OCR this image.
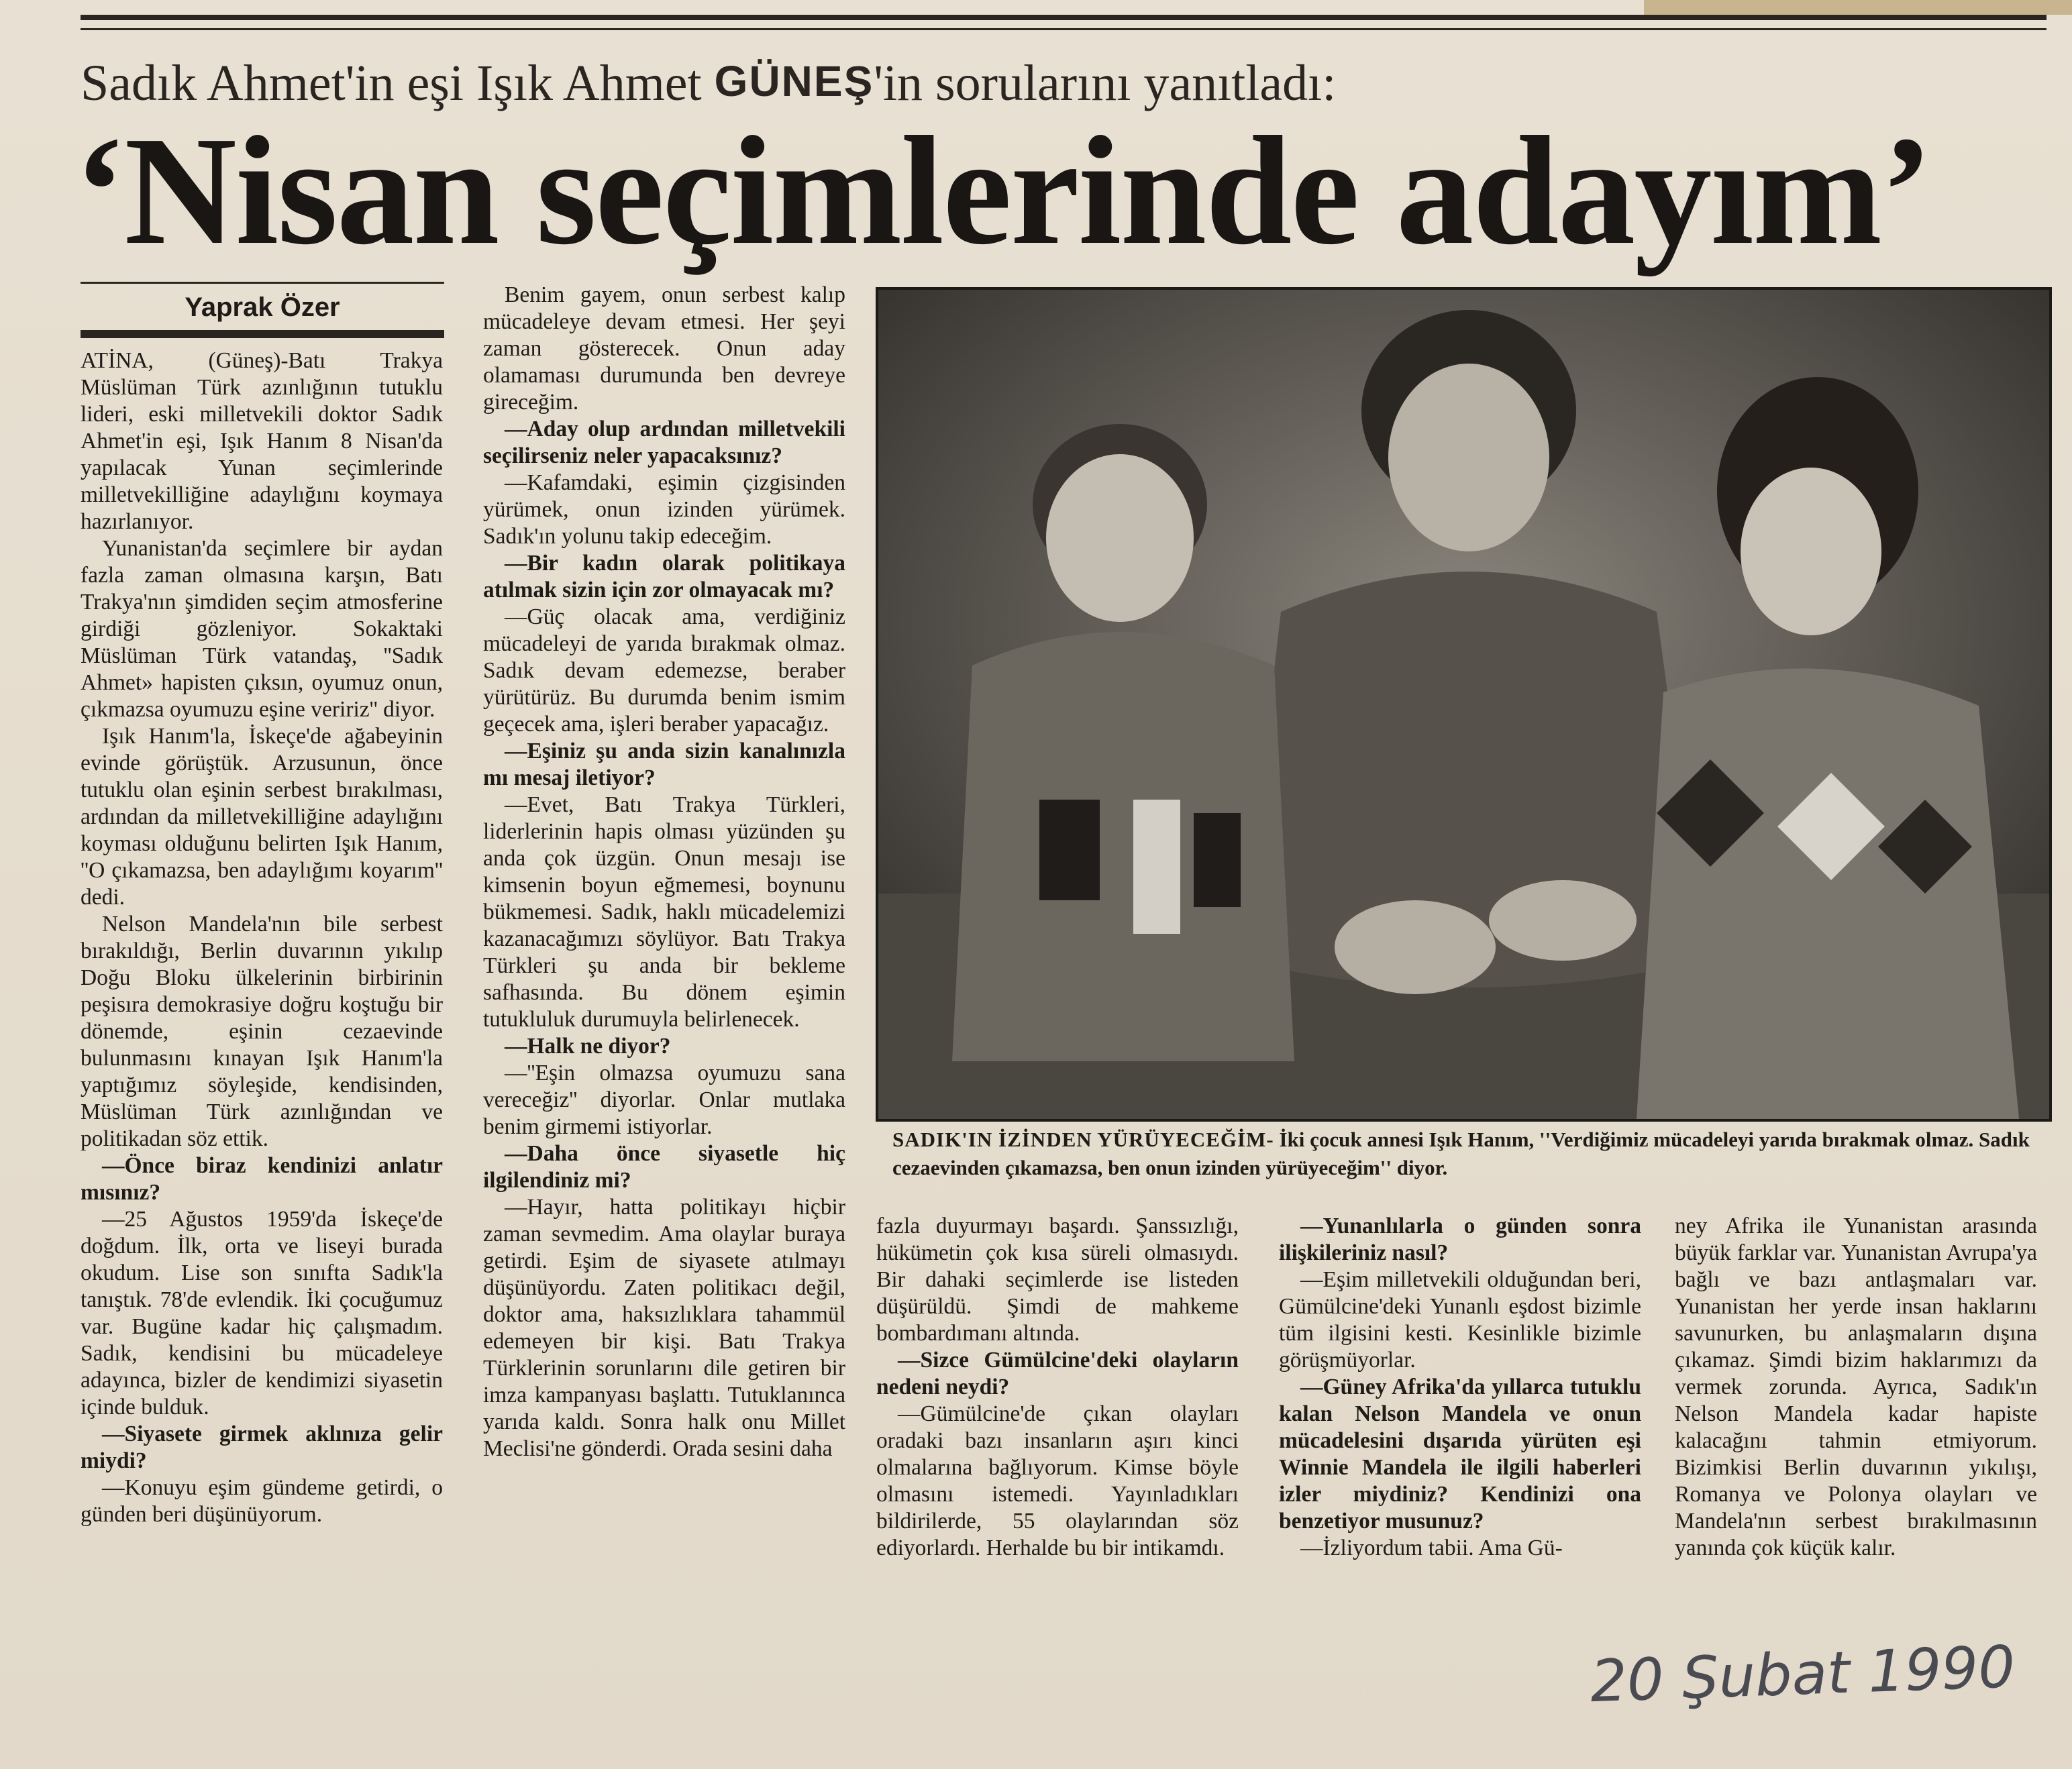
Sadık Ahmet'in eşi Işık Ahmet GÜNEŞ'in sorularını yanıtladı:
‘Nisan seçimlerinde adayım’
Yaprak Özer

ATİNA, (Güneş)-Batı Trakya Müslüman Türk azınlığının tutuklu lideri, eski milletvekili doktor Sadık Ahmet'in eşi, Işık Hanım 8 Nisan'da yapılacak Yunan seçimlerinde milletvekilliğine adaylığını koymaya hazırlanıyor.

Yunanistan'da seçimlere bir aydan fazla zaman olmasına karşın, Batı Trakya'nın şimdiden seçim atmosferine girdiği gözleniyor. Sokaktaki Müslüman Türk vatandaş, ''Sadık Ahmet» hapisten çıksın, oyumuz onun, çıkmazsa oyumuzu eşine veririz'' diyor.

Işık Hanım'la, İskeçe'de ağabeyinin evinde görüştük. Arzusunun, önce tutuklu olan eşinin serbest bırakılması, ardından da milletvekilliğine adaylığını koyması olduğunu belirten Işık Hanım, ''O çıkamazsa, ben adaylığımı koyarım'' dedi.

Nelson Mandela'nın bile serbest bırakıldığı, Berlin duvarının yıkılıp Doğu Bloku ülkelerinin birbirinin peşisıra demokrasiye doğru koştuğu bir dönemde, eşinin cezaevinde bulunmasını kınayan Işık Hanım'la yaptığımız söyleşide, kendisinden, Müslüman Türk azınlığından ve politikadan söz ettik.

—Önce biraz kendinizi anlatır mısınız?

—25 Ağustos 1959'da İskeçe'de doğdum. İlk, orta ve liseyi burada okudum. Lise son sınıfta Sadık'la tanıştık. 78'de evlendik. İki çocuğumuz var. Bugüne kadar hiç çalışmadım. Sadık, kendisini bu mücadeleye adayınca, bizler de kendimizi siyasetin içinde bulduk.

—Siyasete girmek aklınıza gelir miydi?

—Konuyu eşim gündeme getirdi, o günden beri düşünüyorum.

Benim gayem, onun serbest kalıp mücadeleye devam etmesi. Her şeyi zaman gösterecek. Onun aday olamaması durumunda ben devreye gireceğim.

—Aday olup ardından milletvekili seçilirseniz neler yapacaksınız?

—Kafamdaki, eşimin çizgisinden yürümek, onun izinden yürümek. Sadık'ın yolunu takip edeceğim.

—Bir kadın olarak politikaya atılmak sizin için zor olmayacak mı?

—Güç olacak ama, verdiğiniz mücadeleyi de yarıda bırakmak olmaz. Sadık devam edemezse, beraber yürütürüz. Bu durumda benim ismim geçecek ama, işleri beraber yapacağız.

—Eşiniz şu anda sizin kanalınızla mı mesaj iletiyor?

—Evet, Batı Trakya Türkleri, liderlerinin hapis olması yüzünden şu anda çok üzgün. Onun mesajı ise kimsenin boyun eğmemesi, boynunu bükmemesi. Sadık, haklı mücadelemizi kazanacağımızı söylüyor. Batı Trakya Türkleri şu anda bir bekleme safhasında. Bu dönem eşimin tutukluluk durumuyla belirlenecek.

—Halk ne diyor?

—''Eşin olmazsa oyumuzu sana vereceğiz'' diyorlar. Onlar mutlaka benim girmemi istiyorlar.

—Daha önce siyasetle hiç ilgilendiniz mi?

—Hayır, hatta politikayı hiçbir zaman sevmedim. Ama olaylar buraya getirdi. Eşim de siyasete atılmayı düşünüyordu. Zaten politikacı değil, doktor ama, haksızlıklara tahammül edemeyen bir kişi. Batı Trakya Türklerinin sorunlarını dile getiren bir imza kampanyası başlattı. Tutuklanınca yarıda kaldı. Sonra halk onu Millet Meclisi'ne gönderdi. Orada sesini daha

fazla duyurmayı başardı. Şanssızlığı, hükümetin çok kısa süreli olmasıydı. Bir dahaki seçimlerde ise listeden düşürüldü. Şimdi de mahkeme bombardımanı altında.

—Sizce Gümülcine'deki olayların nedeni neydi?

—Gümülcine'de çıkan olayları oradaki bazı insanların aşırı kinci olmalarına bağlıyorum. Kimse böyle olmasını istemedi. Yayınladıkları bildirilerde, 55 olaylarından söz ediyorlardı. Herhalde bu bir intikamdı.

—Yunanlılarla o günden sonra ilişkileriniz nasıl?

—Eşim milletvekili olduğundan beri, Gümülcine'deki Yunanlı eşdost bizimle tüm ilgisini kesti. Kesinlikle bizimle görüşmüyorlar.

—Güney Afrika'da yıllarca tutuklu kalan Nelson Mandela ve onun mücadelesini dışarıda yürüten eşi Winnie Mandela ile ilgili haberleri izler miydiniz? Kendinizi ona benzetiyor musunuz?

—İzliyordum tabii. Ama Gü-

ney Afrika ile Yunanistan arasında büyük farklar var. Yunanistan Avrupa'ya bağlı ve bazı antlaşmaları var. Yunanistan her yerde insan haklarını savunurken, bu anlaşmaların dışına çıkamaz. Şimdi bizim haklarımızı da vermek zorunda. Ayrıca, Sadık'ın Nelson Mandela kadar hapiste kalacağını tahmin etmiyorum. Bizimkisi Berlin duvarının yıkılışı, Romanya ve Polonya olayları ve Mandela'nın serbest bırakılmasının yanında çok küçük kalır.

SADIK'IN İZİNDEN YÜRÜYECEĞİM- İki çocuk annesi Işık Hanım, ''Verdiğimiz mücadeleyi yarıda bırakmak olmaz. Sadık cezaevinden çıkamazsa, ben onun izinden yürüyeceğim'' diyor.
20 Şubat 1990
